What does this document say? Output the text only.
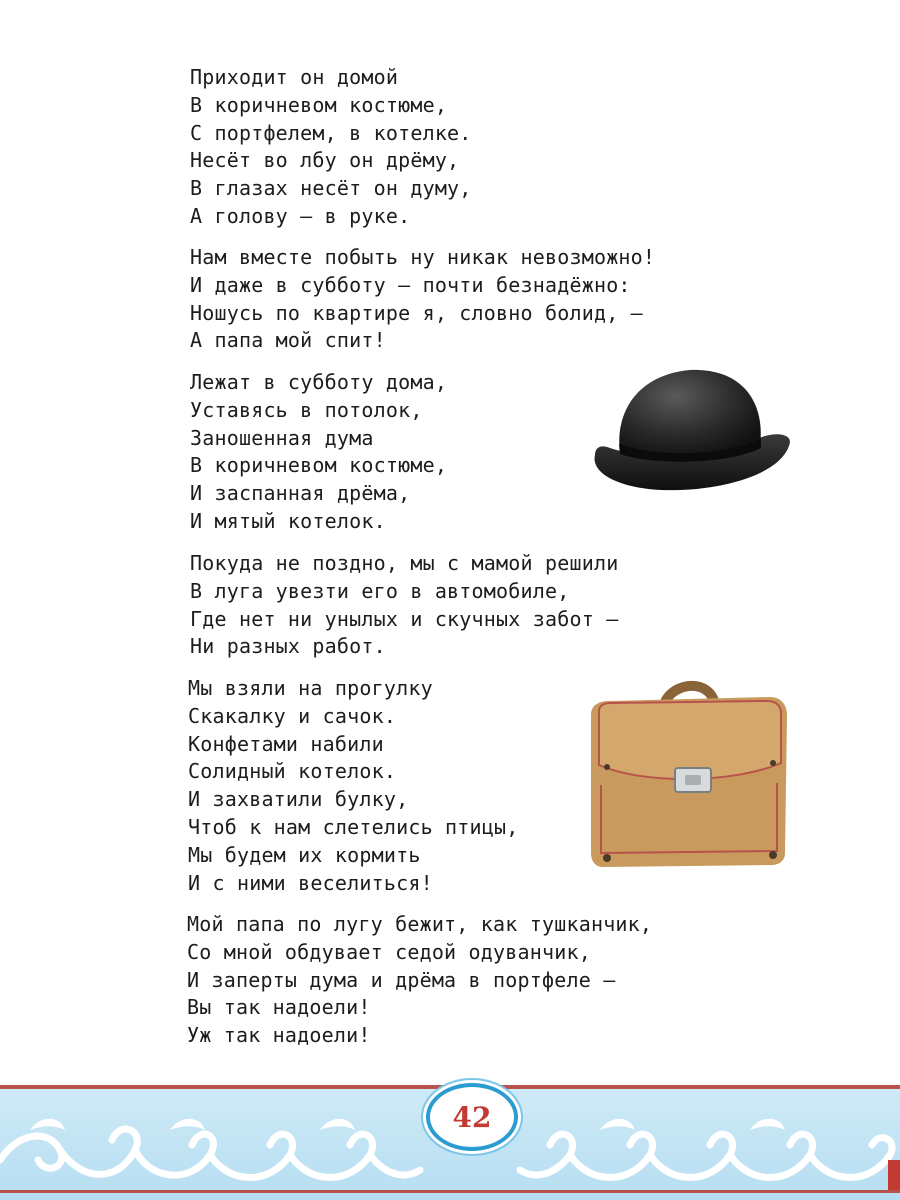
Приходит он домой
В коричневом костюме,
С портфелем, в котелке.
Несёт во лбу он дрёму,
В глазах несёт он думу,
А голову — в руке.
Нам вместе побыть ну никак невозможно!
И даже в субботу — почти безнадёжно:
Ношусь по квартире я, словно болид, —
А папа мой спит!
Лежат в субботу дома,
Уставясь в потолок,
Заношенная дума
В коричневом костюме,
И заспанная дрёма,
И мятый котелок.
Покуда не поздно, мы с мамой решили
В луга увезти его в автомобиле,
Где нет ни унылых и скучных забот —
Ни разных работ.
Мы взяли на прогулку
Скакалку и сачок.
Конфетами набили
Солидный котелок.
И захватили булку,
Чтоб к нам слетелись птицы,
Мы будем их кормить
И с ними веселиться!
Мой папа по лугу бежит, как тушканчик,
Со мной обдувает седой одуванчик,
И заперты дума и дрёма в портфеле —
Вы так надоели!
Уж так надоели!
42
